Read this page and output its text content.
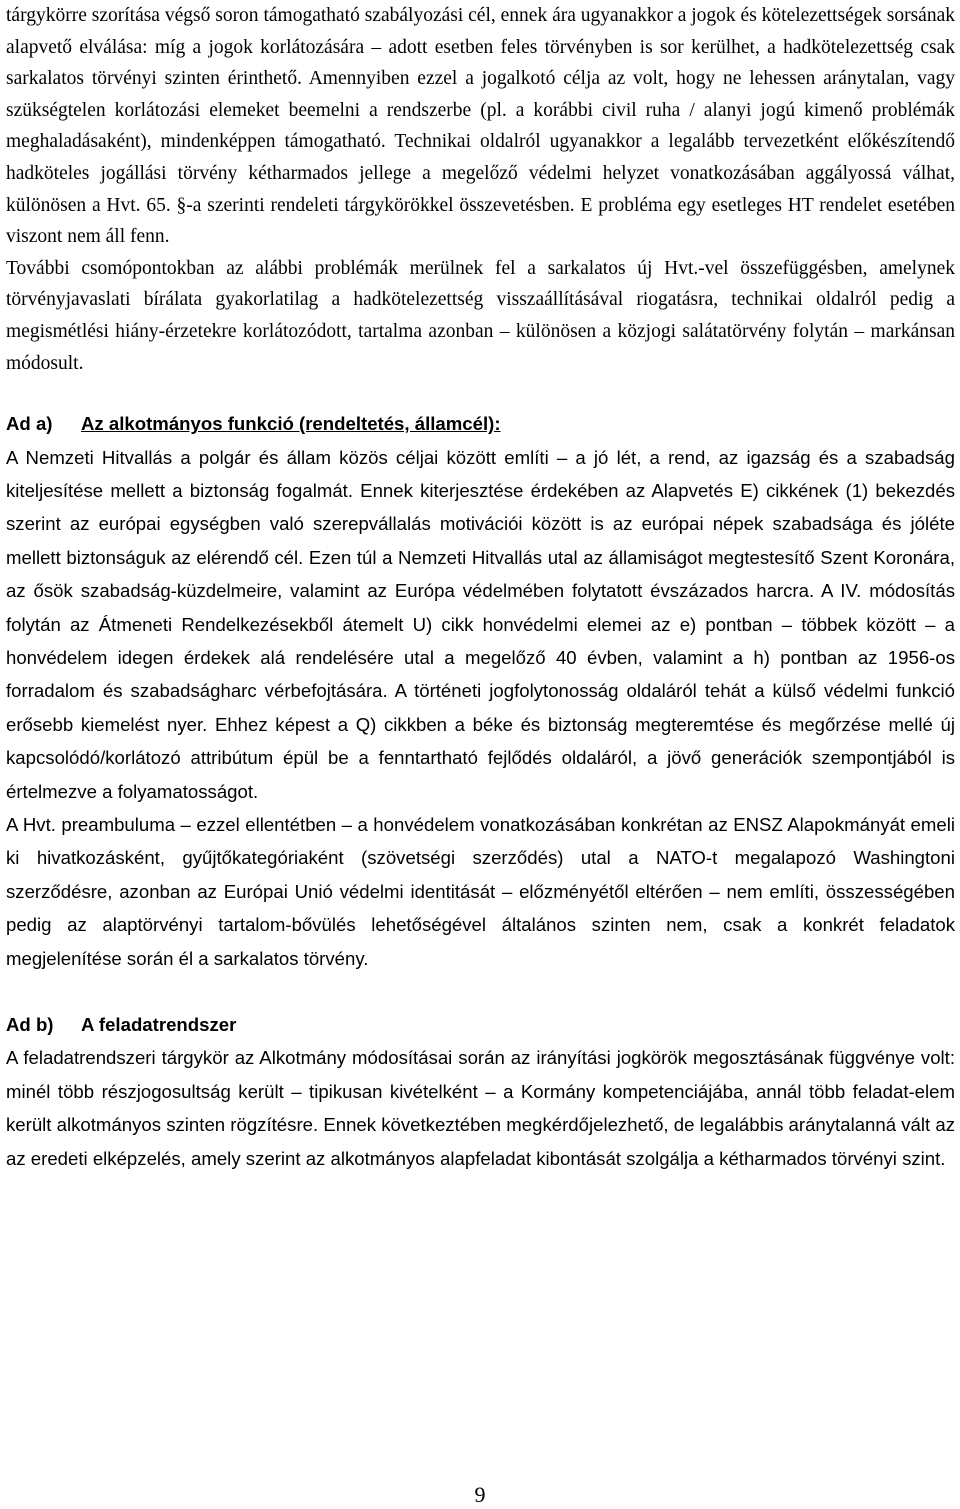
tárgykörre szorítása végső soron támogatható szabályozási cél, ennek ára ugyanakkor a jogok és kötelezettségek sorsának alapvető elválása: míg a jogok korlátozására – adott esetben feles törvényben is sor kerülhet, a hadkötelezettség csak sarkalatos törvényi szinten érinthető. Amennyiben ezzel a jogalkotó célja az volt, hogy ne lehessen aránytalan, vagy szükségtelen korlátozási elemeket beemelni a rendszerbe (pl. a korábbi civil ruha / alanyi jogú kimenő problémák meghaladásaként), mindenképpen támogatható. Technikai oldalról ugyanakkor a legalább tervezetként előkészítendő hadköteles jogállási törvény kétharmados jellege a megelőző védelmi helyzet vonatkozásában aggályossá válhat, különösen a Hvt. 65. §-a szerinti rendeleti tárgykörökkel összevetésben. E probléma egy esetleges HT rendelet esetében viszont nem áll fenn.

További csomópontokban az alábbi problémák merülnek fel a sarkalatos új Hvt.-vel összefüggésben, amelynek törvényjavaslati bírálata gyakorlatilag a hadkötelezettség visszaállításával riogatásra, technikai oldalról pedig a megismétlési hiány-érzetekre korlátozódott, tartalma azonban – különösen a közjogi salátatörvény folytán – markánsan módosult.

Ad a) Az alkotmányos funkció (rendeltetés, államcél):

A Nemzeti Hitvallás a polgár és állam közös céljai között említi – a jó lét, a rend, az igazság és a szabadság kiteljesítése mellett a biztonság fogalmát. Ennek kiterjesztése érdekében az Alapvetés E) cikkének (1) bekezdés szerint az európai egységben való szerepvállalás motivációi között is az európai népek szabadsága és jóléte mellett biztonságuk az elérendő cél. Ezen túl a Nemzeti Hitvallás utal az államiságot megtestesítő Szent Koronára, az ősök szabadság-küzdelmeire, valamint az Európa védelmében folytatott évszázados harcra. A IV. módosítás folytán az Átmeneti Rendelkezésekből átemelt U) cikk honvédelmi elemei az e) pontban – többek között – a honvédelem idegen érdekek alá rendelésére utal a megelőző 40 évben, valamint a h) pontban az 1956-os forradalom és szabadságharc vérbefojtására. A történeti jogfolytonosság oldaláról tehát a külső védelmi funkció erősebb kiemelést nyer. Ehhez képest a Q) cikkben a béke és biztonság megteremtése és megőrzése mellé új kapcsolódó/korlátozó attribútum épül be a fenntartható fejlődés oldaláról, a jövő generációk szempontjából is értelmezve a folyamatosságot.

A Hvt. preambuluma – ezzel ellentétben – a honvédelem vonatkozásában konkrétan az ENSZ Alapokmányát emeli ki hivatkozásként, gyűjtőkategóriaként (szövetségi szerződés) utal a NATO-t megalapozó Washingtoni szerződésre, azonban az Európai Unió védelmi identitását – előzményétől eltérően – nem említi, összességében pedig az alaptörvényi tartalom-bővülés lehetőségével általános szinten nem, csak a konkrét feladatok megjelenítése során él a sarkalatos törvény.

Ad b) A feladatrendszer

A feladatrendszeri tárgykör az Alkotmány módosításai során az irányítási jogkörök megosztásának függvénye volt: minél több részjogosultság került – tipikusan kivételként – a Kormány kompetenciájába, annál több feladat-elem került alkotmányos szinten rögzítésre. Ennek következtében megkérdőjelezhető, de legalábbis aránytalanná vált az az eredeti elképzelés, amely szerint az alkotmányos alapfeladat kibontását szolgálja a kétharmados törvényi szint.

9
